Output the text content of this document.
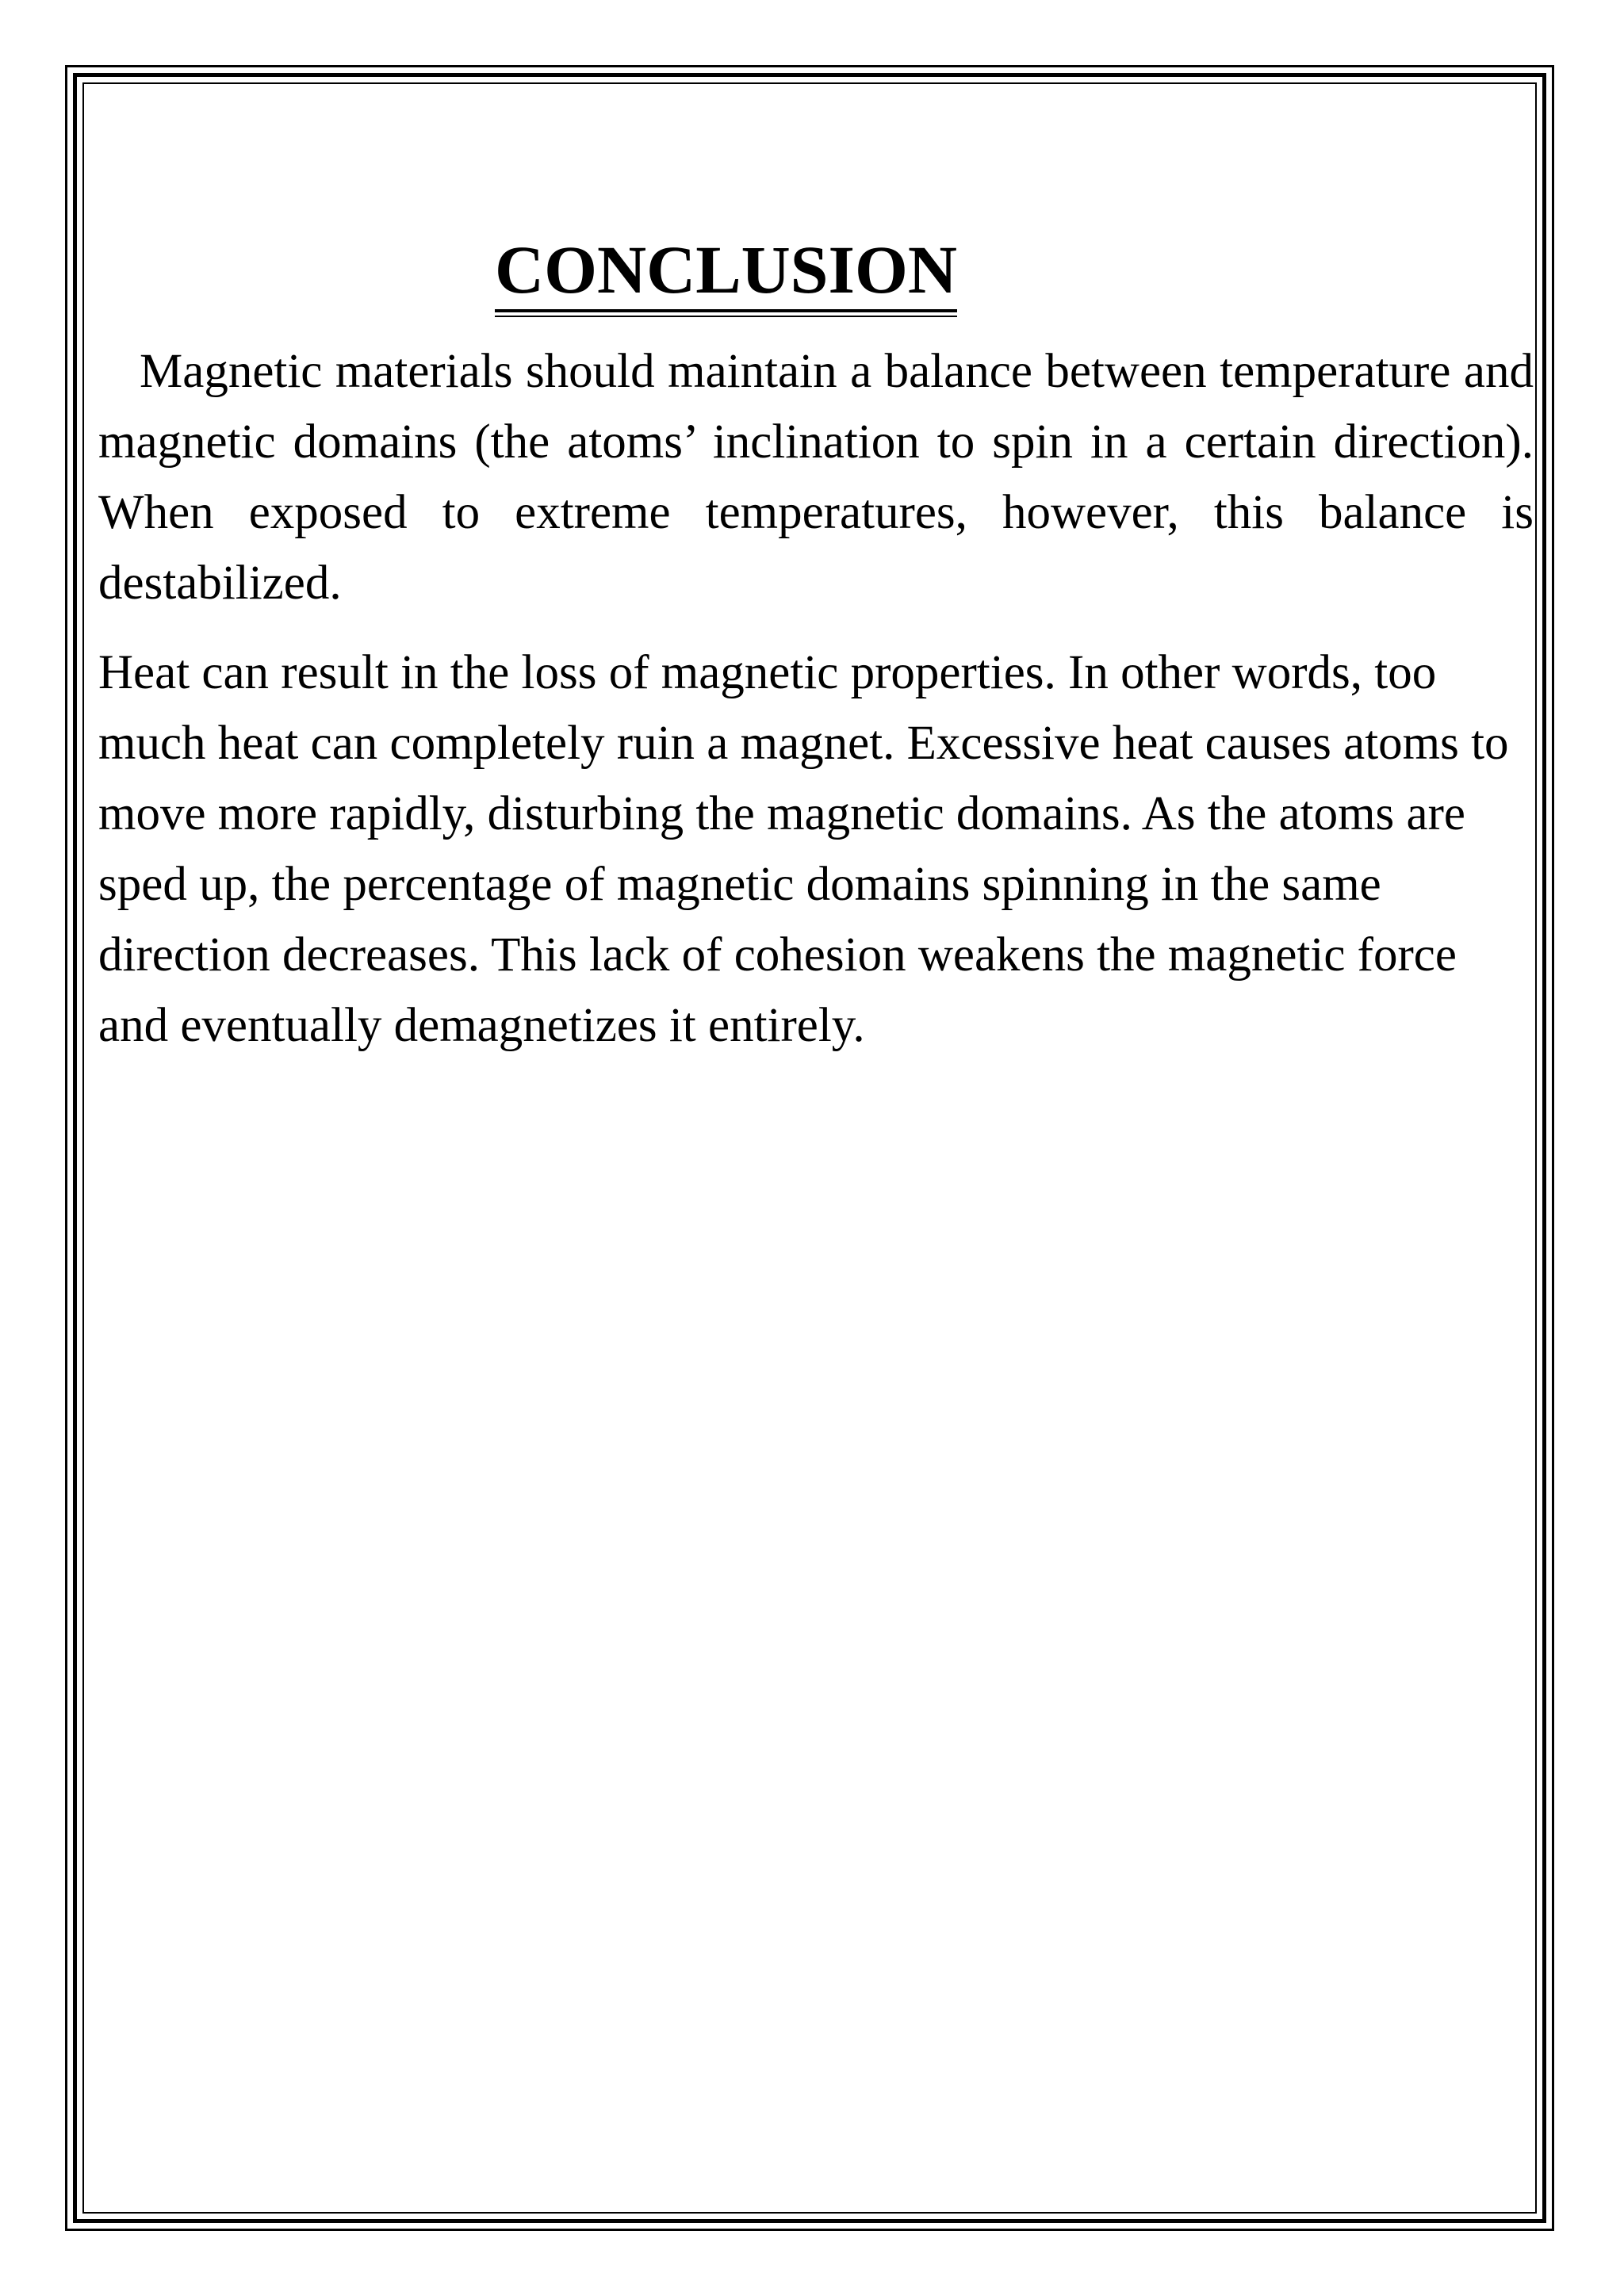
CONCLUSION

Magnetic materials should maintain a balance between temperature and magnetic domains (the atoms’ inclination to spin in a certain direction). When exposed to extreme temperatures, however, this balance is destabilized.

Heat can result in the loss of magnetic properties. In other words, too much heat can completely ruin a magnet. Excessive heat causes atoms to move more rapidly, disturbing the magnetic domains. As the atoms are sped up, the percentage of magnetic domains spinning in the same direction decreases. This lack of cohesion weakens the magnetic force and eventually demagnetizes it entirely.
